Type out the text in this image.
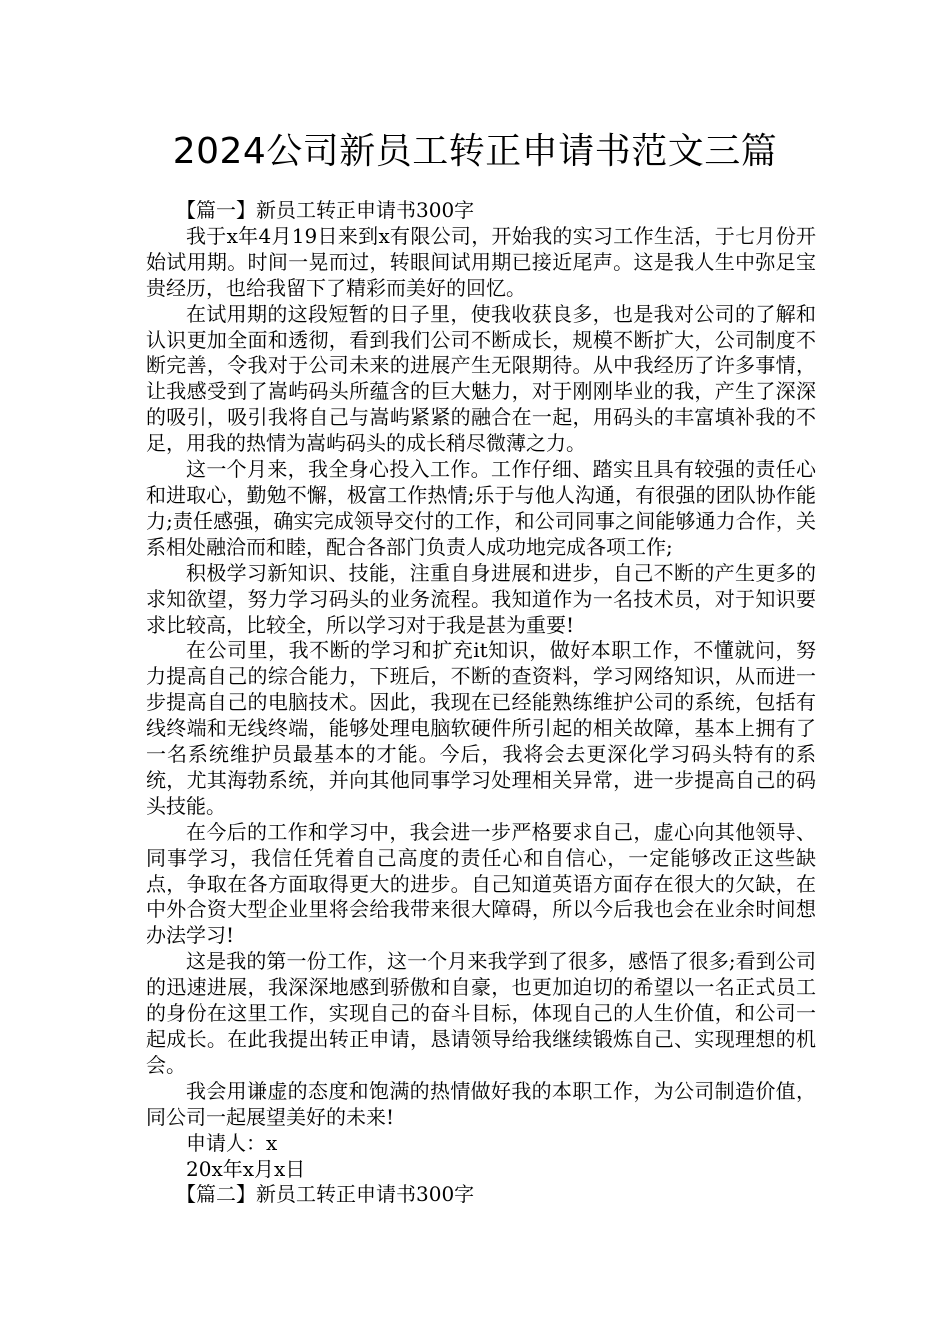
2024公司新员工转正申请书范文三篇

【篇一】新员工转正申请书300字

我于x年4月19日来到x有限公司，开始我的实习工作生活，于七月份开始试用期。时间一晃而过，转眼间试用期已接近尾声。这是我人生中弥足宝贵经历，也给我留下了精彩而美好的回忆。

在试用期的这段短暂的日子里，使我收获良多，也是我对公司的了解和认识更加全面和透彻，看到我们公司不断成长，规模不断扩大，公司制度不断完善，令我对于公司未来的进展产生无限期待。从中我经历了许多事情，让我感受到了嵩屿码头所蕴含的巨大魅力，对于刚刚毕业的我，产生了深深的吸引，吸引我将自己与嵩屿紧紧的融合在一起，用码头的丰富填补我的不足，用我的热情为嵩屿码头的成长稍尽微薄之力。

这一个月来，我全身心投入工作。工作仔细、踏实且具有较强的责任心和进取心，勤勉不懈，极富工作热情;乐于与他人沟通，有很强的团队协作能力;责任感强，确实完成领导交付的工作，和公司同事之间能够通力合作，关系相处融洽而和睦，配合各部门负责人成功地完成各项工作;

积极学习新知识、技能，注重自身进展和进步，自己不断的产生更多的求知欲望，努力学习码头的业务流程。我知道作为一名技术员，对于知识要求比较高，比较全，所以学习对于我是甚为重要!

在公司里，我不断的学习和扩充it知识，做好本职工作，不懂就问，努力提高自己的综合能力，下班后，不断的查资料，学习网络知识，从而进一步提高自己的电脑技术。因此，我现在已经能熟练维护公司的系统，包括有线终端和无线终端，能够处理电脑软硬件所引起的相关故障，基本上拥有了一名系统维护员最基本的才能。今后，我将会去更深化学习码头特有的系统，尤其海勃系统，并向其他同事学习处理相关异常，进一步提高自己的码头技能。

在今后的工作和学习中，我会进一步严格要求自己，虚心向其他领导、同事学习，我信任凭着自己高度的责任心和自信心，一定能够改正这些缺点，争取在各方面取得更大的进步。自己知道英语方面存在很大的欠缺，在中外合资大型企业里将会给我带来很大障碍，所以今后我也会在业余时间想办法学习!

这是我的第一份工作，这一个月来我学到了很多，感悟了很多;看到公司的迅速进展，我深深地感到骄傲和自豪，也更加迫切的希望以一名正式员工的身份在这里工作，实现自己的奋斗目标，体现自己的人生价值，和公司一起成长。在此我提出转正申请，恳请领导给我继续锻炼自己、实现理想的机会。

我会用谦虚的态度和饱满的热情做好我的本职工作，为公司制造价值，同公司一起展望美好的未来!

申请人：x

20x年x月x日

【篇二】新员工转正申请书300字
